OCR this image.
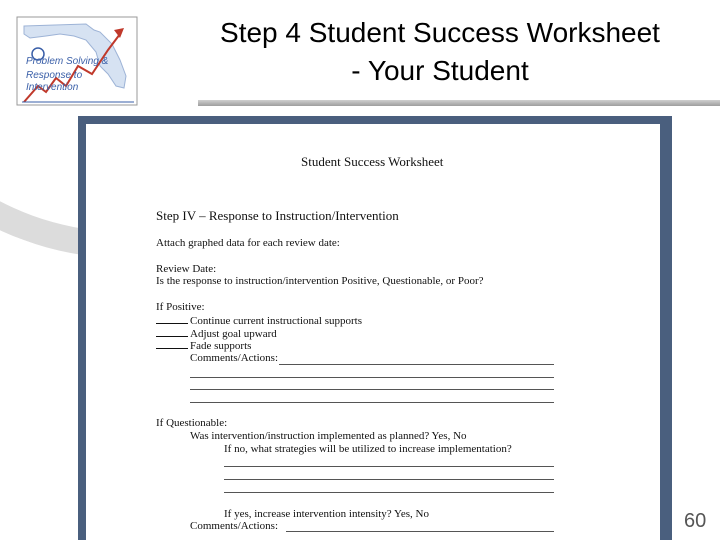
Problem Solving &
Response to Intervention
Step 4 Student Success Worksheet
- Your Student
Student Success Worksheet
Step IV – Response to Instruction/Intervention
Attach graphed data for each review date:
Review Date:
Is the response to instruction/intervention Positive, Questionable, or Poor?
If Positive:
Continue current instructional supports
Adjust goal upward
Fade supports
Comments/Actions:
If Questionable:
Was intervention/instruction implemented as planned? Yes, No
If no, what strategies will be utilized to increase implementation?
If yes, increase intervention intensity? Yes, No
Comments/Actions:	60
